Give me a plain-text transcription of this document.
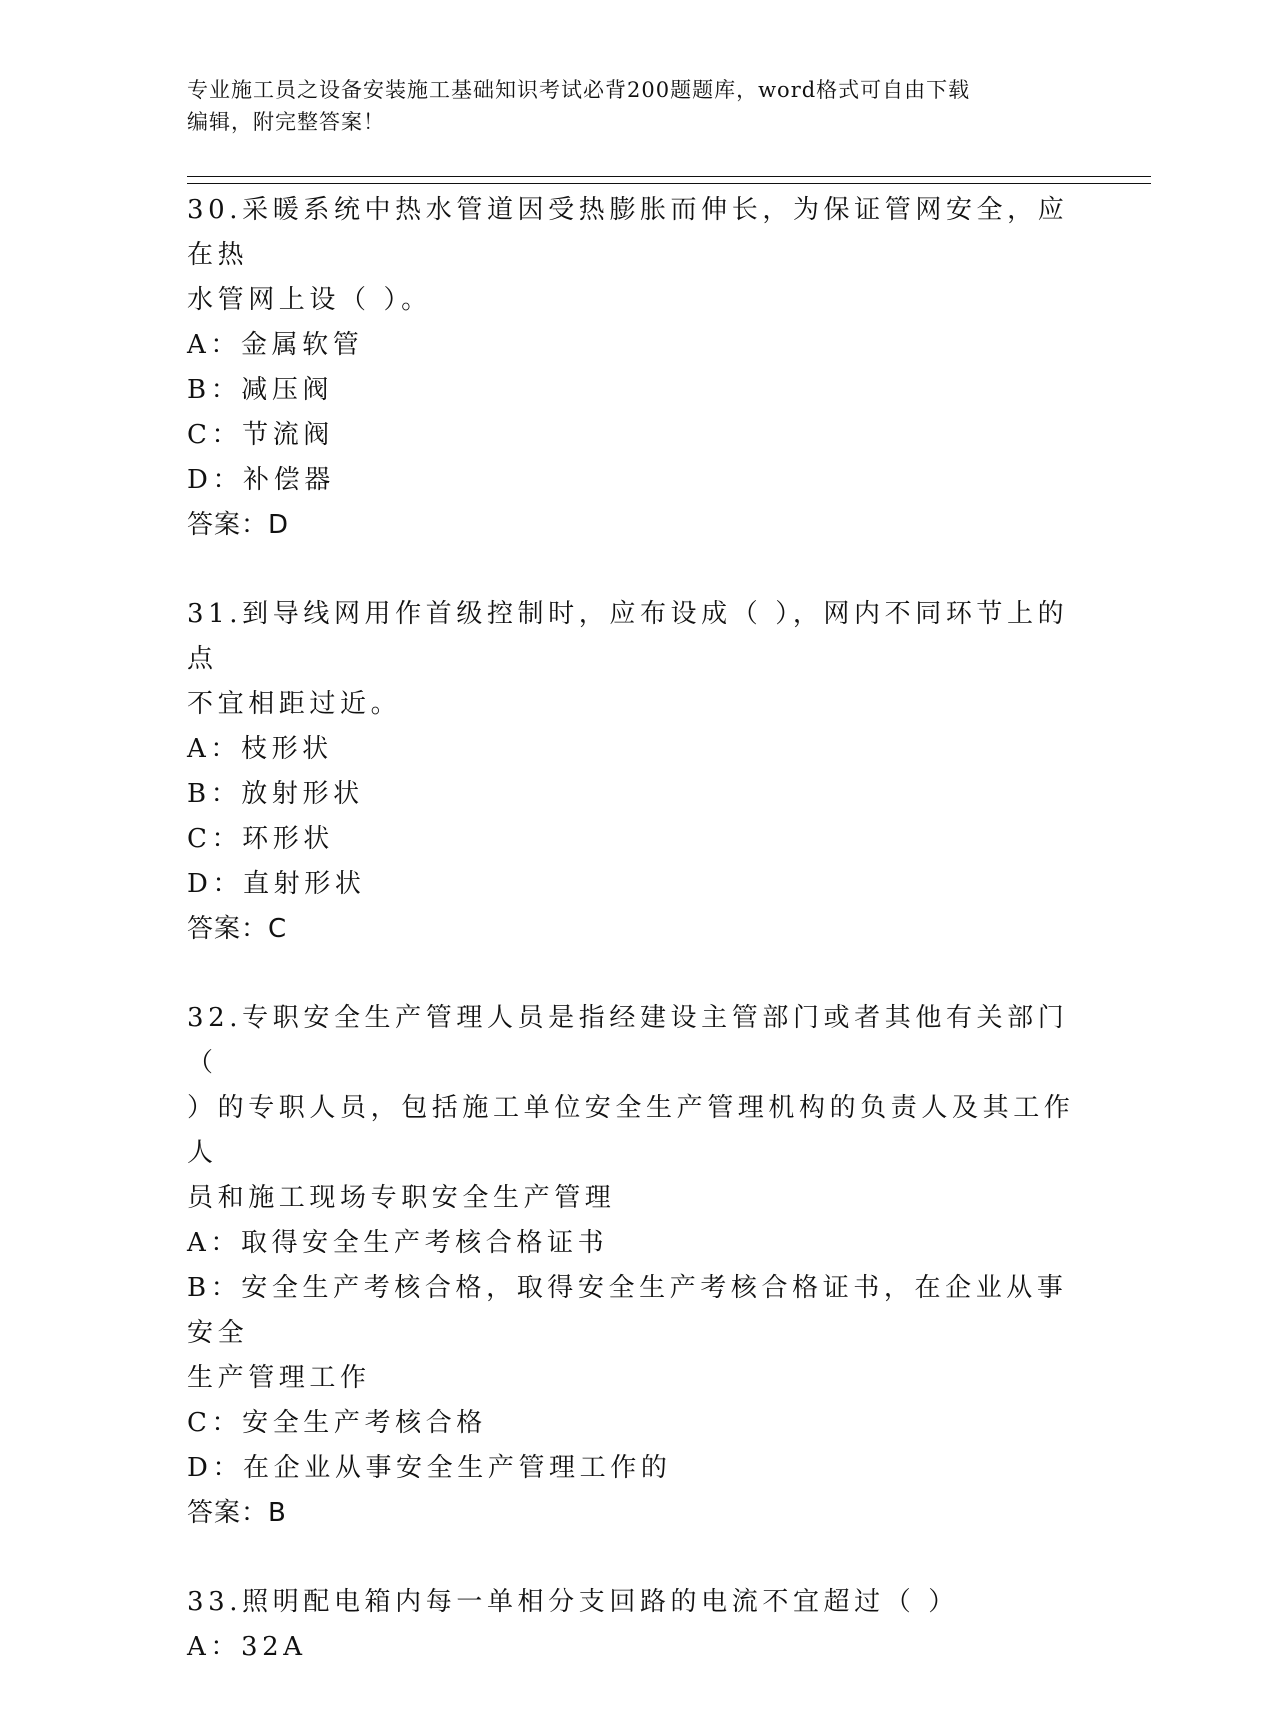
专业施工员之设备安装施工基础知识考试必背200题题库，word格式可自由下载
编辑，附完整答案！

30.采暖系统中热水管道因受热膨胀而伸长，为保证管网安全，应在热

水管网上设（ ）。

A：金属软管

B：减压阀

C：节流阀

D：补偿器

答案：D

31.到导线网用作首级控制时，应布设成（ ），网内不同环节上的点

不宜相距过近。

A：枝形状

B：放射形状

C：环形状

D：直射形状

答案：C

32.专职安全生产管理人员是指经建设主管部门或者其他有关部门（

）的专职人员，包括施工单位安全生产管理机构的负责人及其工作人

员和施工现场专职安全生产管理

A：取得安全生产考核合格证书

B：安全生产考核合格，取得安全生产考核合格证书，在企业从事安全

生产管理工作

C：安全生产考核合格

D：在企业从事安全生产管理工作的

答案：B

33.照明配电箱内每一单相分支回路的电流不宜超过（ ）

A：32A
